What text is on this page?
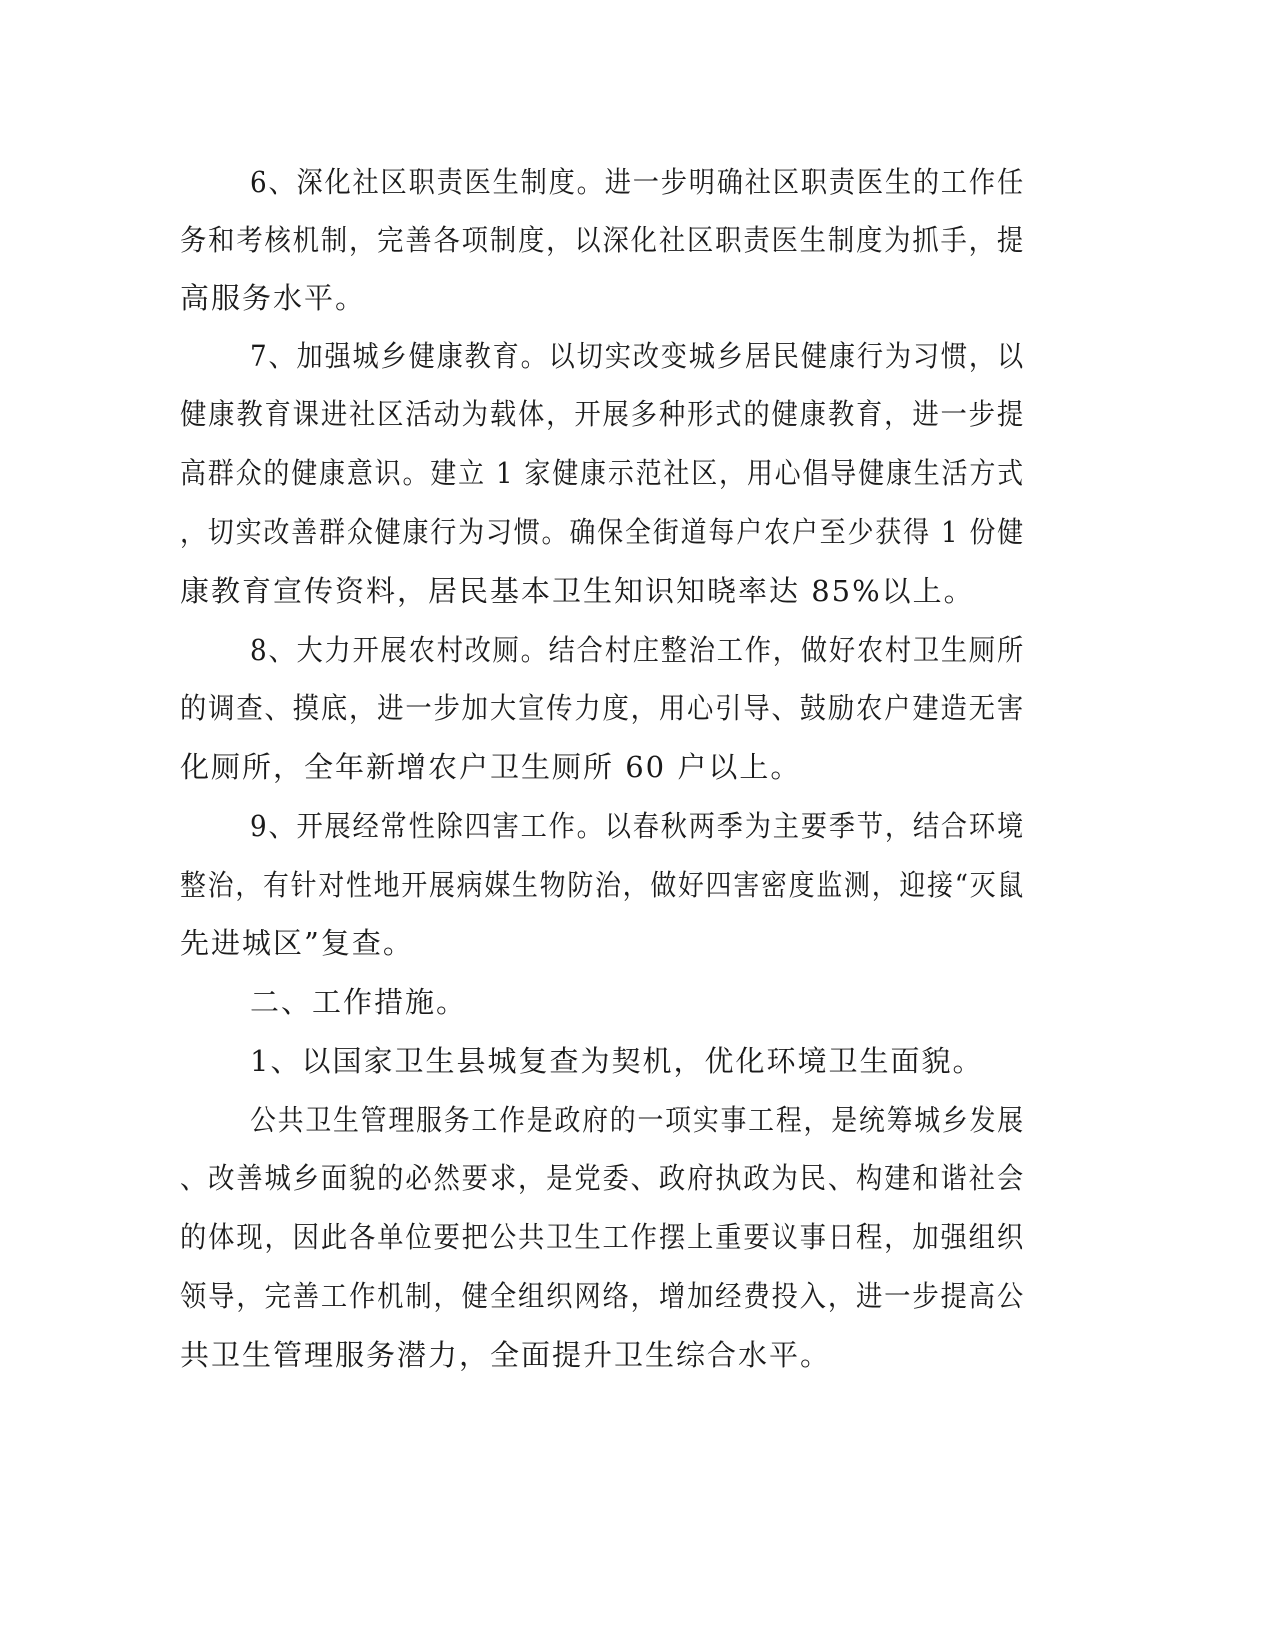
6、深化社区职责医生制度。进一步明确社区职责医生的工作任
务和考核机制，完善各项制度，以深化社区职责医生制度为抓手，提
高服务水平。
7、加强城乡健康教育。以切实改变城乡居民健康行为习惯，以
健康教育课进社区活动为载体，开展多种形式的健康教育，进一步提
高群众的健康意识。建立 1 家健康示范社区，用心倡导健康生活方式
，切实改善群众健康行为习惯。确保全街道每户农户至少获得 1 份健
康教育宣传资料，居民基本卫生知识知晓率达 85%以上。
8、大力开展农村改厕。结合村庄整治工作，做好农村卫生厕所
的调查、摸底，进一步加大宣传力度，用心引导、鼓励农户建造无害
化厕所，全年新增农户卫生厕所 60 户以上。
9、开展经常性除四害工作。以春秋两季为主要季节，结合环境
整治，有针对性地开展病媒生物防治，做好四害密度监测，迎接“灭鼠
先进城区”复查。
二、工作措施。
1、以国家卫生县城复查为契机，优化环境卫生面貌。
公共卫生管理服务工作是政府的一项实事工程，是统筹城乡发展
、改善城乡面貌的必然要求，是党委、政府执政为民、构建和谐社会
的体现，因此各单位要把公共卫生工作摆上重要议事日程，加强组织
领导，完善工作机制，健全组织网络，增加经费投入，进一步提高公
共卫生管理服务潜力，全面提升卫生综合水平。
